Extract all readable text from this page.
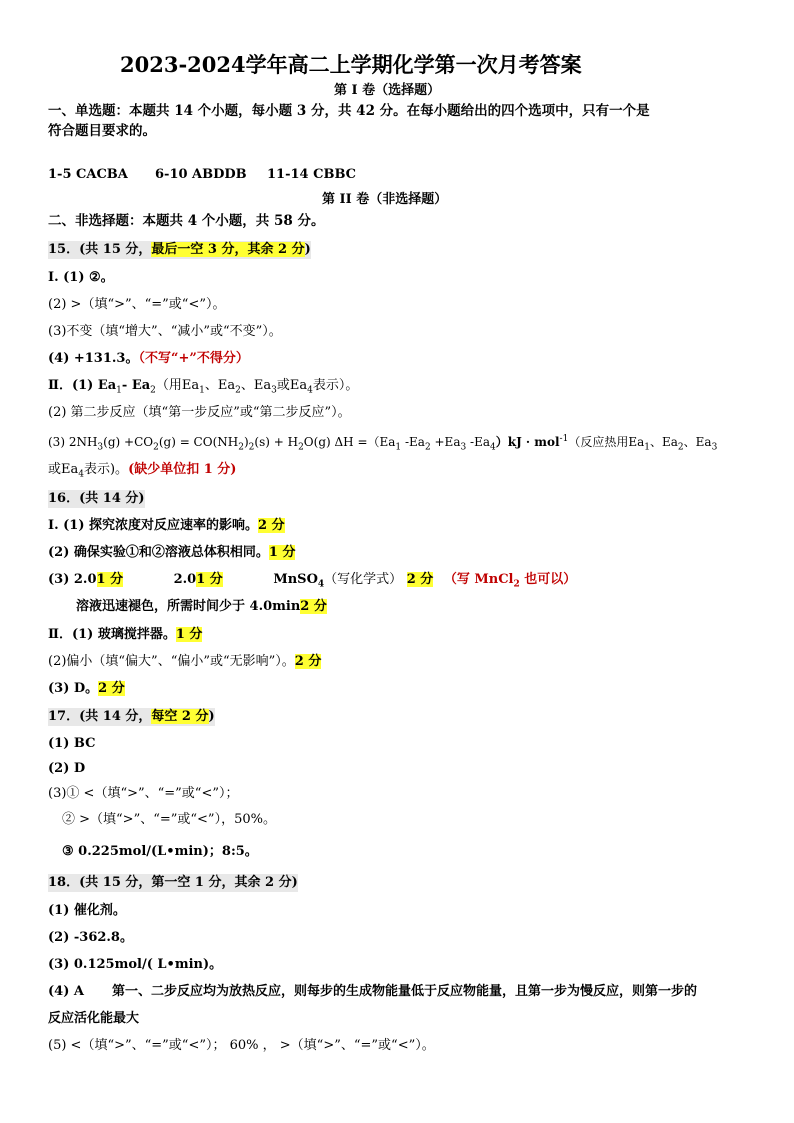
2023-2024学年高二上学期化学第一次月考答案
第 I 卷（选择题）
一、单选题：本题共 14 个小题，每小题 3 分，共 42 分。在每小题给出的四个选项中，只有一个是
符合题目要求的。
1-5 CACBA 6-10 ABDDB 11-14 CBBC
第 II 卷（非选择题）
二、非选择题：本题共 4 个小题，共 58 分。
15．(共 15 分，最后一空 3 分，其余 2 分)
I. (1) ②。
(2) >（填“>”、“=”或“<”）。
(3)不变（填“增大”、“减小”或“不变”）。
(4) +131.3。（不写“+”不得分）
Ⅱ．(1) $Ea_1-$ $Ea_2$（用$Ea_1$、$Ea_2$、$Ea_3$或$Ea_4$表示）。
(2) 第二步反应（填“第一步反应”或“第二步反应”）。
(3) $2NH_3(g) +CO_2(g) = CO(NH_2)_2(s) + H_2O(g)$ $\Delta H =(Ea_1$ $-Ea_2 +Ea_3$ $-Ea_4)kJ \cdot mol^{-1}$（反应热用$Ea_1$、$Ea_2$、$Ea_3$
或$Ea_4$表示)。(缺少单位扣 1 分)
16．(共 14 分)
I. (1) 探究浓度对反应速率的影响。2 分
(2) 确保实验①和②溶液总体积相同。1 分
(3) 2.01 分	2.01 分	MnSO$_4$（写化学式） 2 分 （写 MnCl$_2$ 也可以）
溶液迅速褪色，所需时间少于 4.0min2 分
Ⅱ．(1) 玻璃搅拌器。1 分
(2)偏小（填“偏大”、“偏小”或“无影响”）。2 分
(3) D。2 分
17．(共 14 分，每空 2 分)
(1) BC
(2) D
(3)① <（填“>”、“=”或“<”）；
② >（填“>”、“=”或“<”），50%。
③ 0.225mol/(L•min)；8:5。
18．(共 15 分，第一空 1 分，其余 2 分)
(1) 催化剂。
(2) -362.8。
(3) 0.125mol/( L•min)。
(4) A 第一、二步反应均为放热反应，则每步的生成物能量低于反应物能量，且第一步为慢反应，则第一步的
反应活化能最大
(5) <（填“>”、“=”或“<”）； 60% ， >（填“>”、“=”或“<”）。
